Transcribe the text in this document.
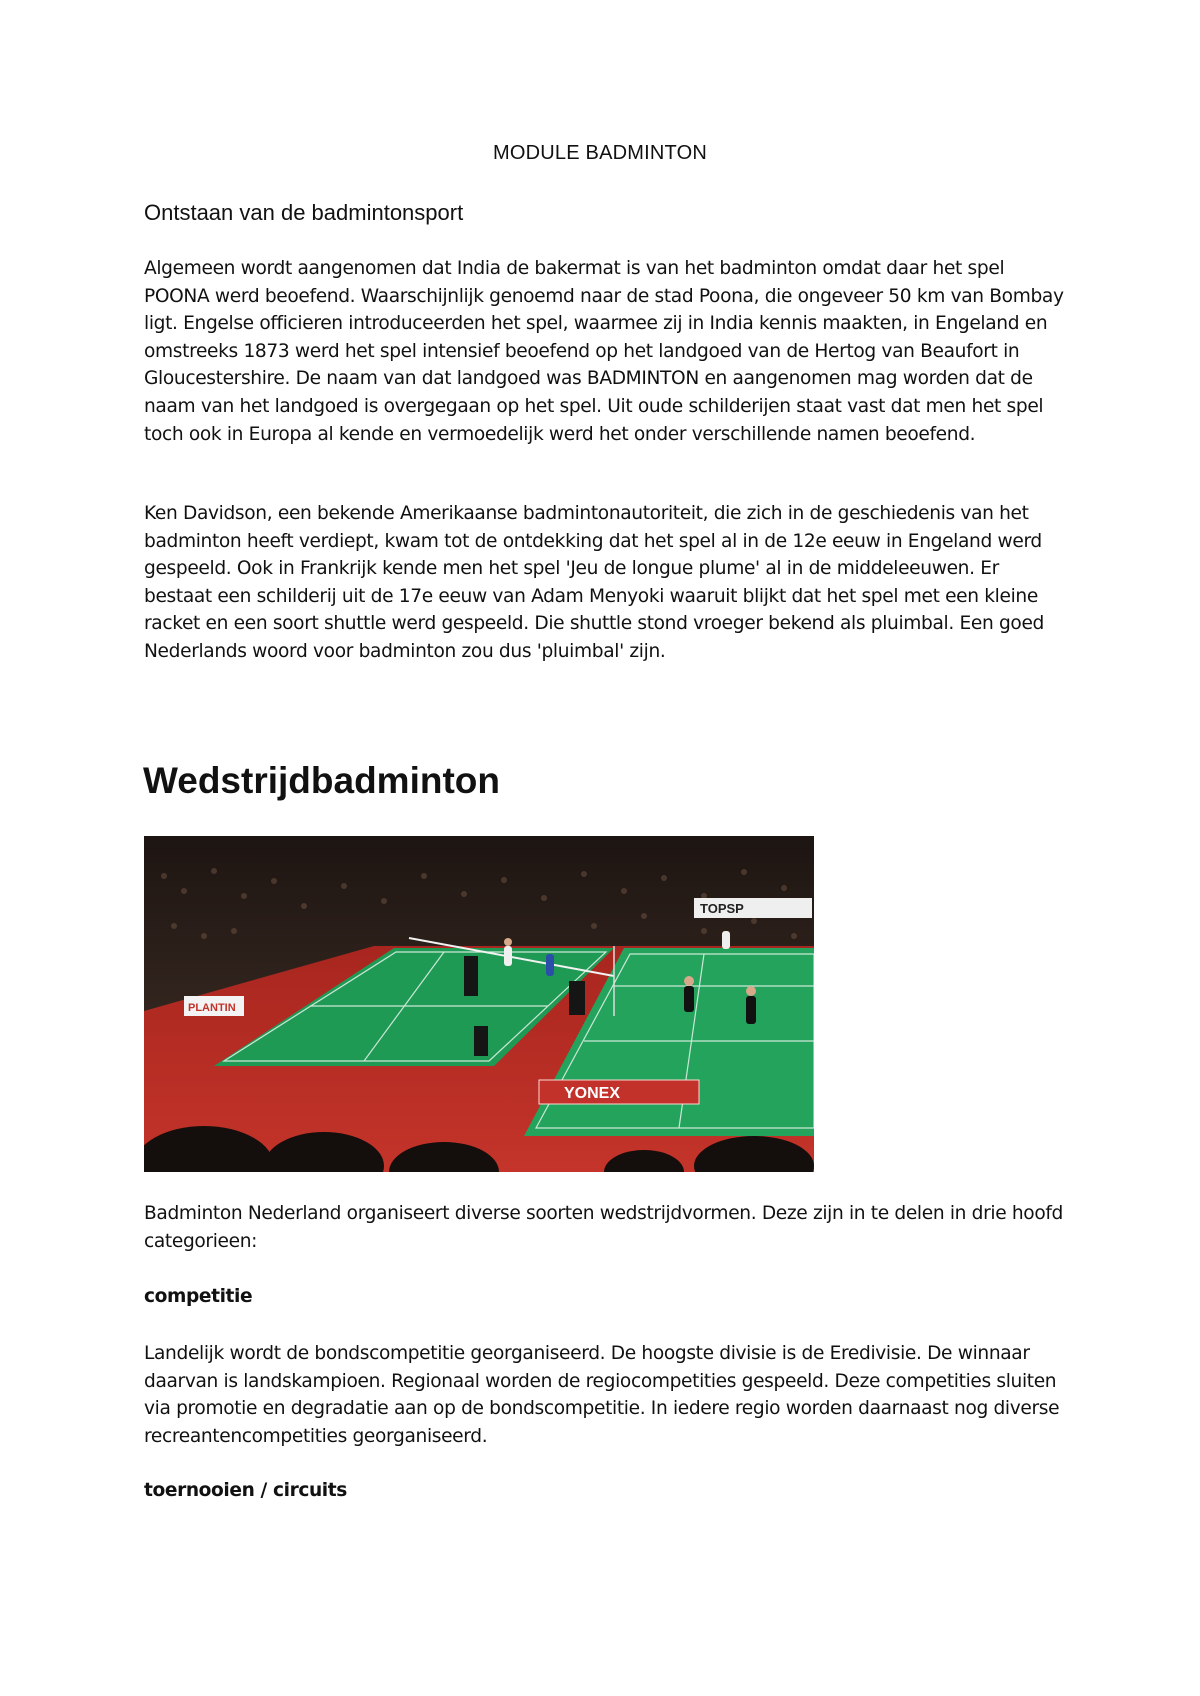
MODULE BADMINTON
Ontstaan van de badmintonsport

Algemeen wordt aangenomen dat India de bakermat is van het badminton omdat daar het spel POONA werd beoefend. Waarschijnlijk genoemd naar de stad Poona, die ongeveer 50 km van Bombay ligt. Engelse officieren introduceerden het spel, waarmee zij in India kennis maakten, in Engeland en omstreeks 1873 werd het spel intensief beoefend op het landgoed van de Hertog van Beaufort in Gloucestershire. De naam van dat landgoed was BADMINTON en aangenomen mag worden dat de naam van het landgoed is overgegaan op het spel. Uit oude schilderijen staat vast dat men het spel toch ook in Europa al kende en vermoedelijk werd het onder verschillende namen beoefend.

Ken Davidson, een bekende Amerikaanse badmintonautoriteit, die zich in de geschiedenis van het badminton heeft verdiept, kwam tot de ontdekking dat het spel al in de 12e eeuw in Engeland werd gespeeld. Ook in Frankrijk kende men het spel 'Jeu de longue plume' al in de middeleeuwen. Er bestaat een schilderij uit de 17e eeuw van Adam Menyoki waaruit blijkt dat het spel met een kleine racket en een soort shuttle werd gespeeld. Die shuttle stond vroeger bekend als pluimbal. Een goed Nederlands woord voor badminton zou dus 'pluimbal' zijn.

Wedstrijdbadminton
YONEX
PLANTIN
TOPSP

Badminton Nederland organiseert diverse soorten wedstrijdvormen. Deze zijn in te delen in drie hoofd categorieen:

competitie

Landelijk wordt de bondscompetitie georganiseerd. De hoogste divisie is de Eredivisie. De winnaar daarvan is landskampioen. Regionaal worden de regiocompetities gespeeld. Deze competities sluiten via promotie en degradatie aan op de bondscompetitie. In iedere regio worden daarnaast nog diverse recreantencompetities georganiseerd.

toernooien / circuits
